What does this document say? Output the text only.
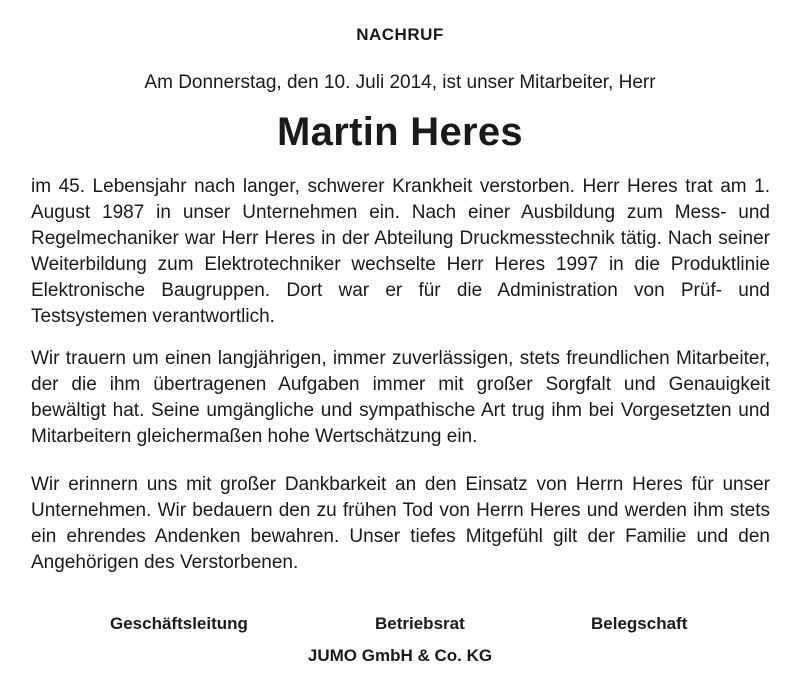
NACHRUF
Am Donnerstag, den 10. Juli 2014, ist unser Mitarbeiter, Herr
Martin Heres
im 45. Lebensjahr nach langer, schwerer Krankheit verstorben. Herr Heres trat am 1. August 1987 in unser Unternehmen ein. Nach einer Ausbildung zum Mess- und Regelmechaniker war Herr Heres in der Abteilung Druckmesstechnik tätig. Nach seiner Weiterbildung zum Elektrotechniker wechselte Herr Heres 1997 in die Produktlinie Elektronische Baugruppen. Dort war er für die Administration von Prüf- und Testsystemen verantwortlich.
Wir trauern um einen langjährigen, immer zuverlässigen, stets freundlichen Mitarbeiter, der die ihm übertragenen Aufgaben immer mit großer Sorgfalt und Genauigkeit bewältigt hat. Seine umgängliche und sympathische Art trug ihm bei Vorgesetzten und Mitarbeitern gleichermaßen hohe Wertschätzung ein.
Wir erinnern uns mit großer Dankbarkeit an den Einsatz von Herrn Heres für unser Unternehmen. Wir bedauern den zu frühen Tod von Herrn Heres und werden ihm stets ein ehrendes Andenken bewahren. Unser tiefes Mitgefühl gilt der Familie und den Angehörigen des Verstorbenen.
Geschäftsleitung	Betriebsrat	Belegschaft
JUMO GmbH & Co. KG
